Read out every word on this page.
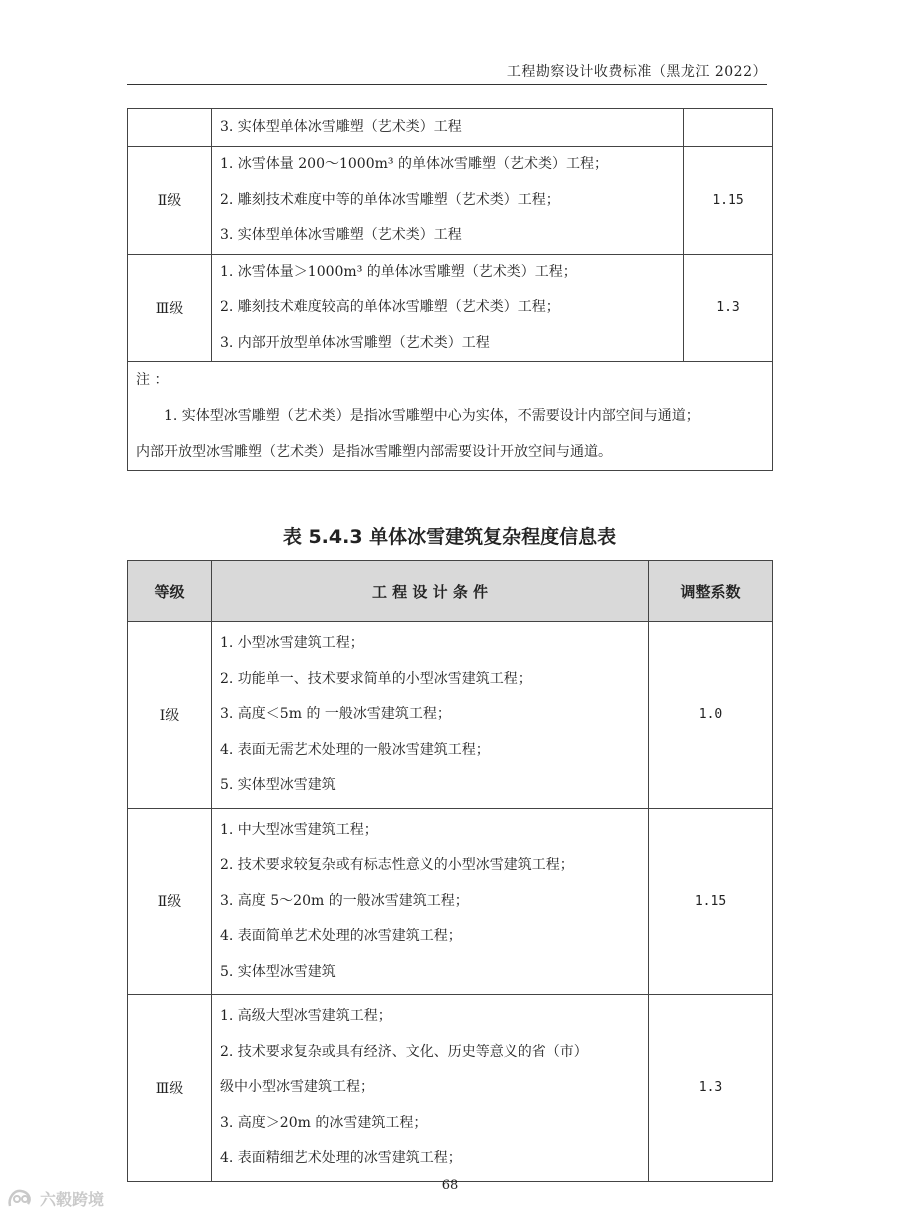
工程勘察设计收费标准（黑龙江 2022）

	3. 实体型单体冰雪雕塑（艺术类）工程	

Ⅱ级	1. 冰雪体量 200～1000m³ 的单体冰雪雕塑（艺术类）工程；
2. 雕刻技术难度中等的单体冰雪雕塑（艺术类）工程；
3. 实体型单体冰雪雕塑（艺术类）工程	1.15
Ⅲ级	1. 冰雪体量＞1000m³ 的单体冰雪雕塑（艺术类）工程；
2. 雕刻技术难度较高的单体冰雪雕塑（艺术类）工程；
3. 内部开放型单体冰雪雕塑（艺术类）工程	1.3

注 ：
1. 实体型冰雪雕塑（艺术类）是指冰雪雕塑中心为实体，不需要设计内部空间与通道；
内部开放型冰雪雕塑（艺术类）是指冰雪雕塑内部需要设计开放空间与通道。		
表 5.4.3 单体冰雪建筑复杂程度信息表
等级	工 程 设 计 条 件	调整系数
Ⅰ级	1. 小型冰雪建筑工程；
2. 功能单一、技术要求简单的小型冰雪建筑工程；
3. 高度＜5m 的 一般冰雪建筑工程；
4. 表面无需艺术处理的一般冰雪建筑工程；
5. 实体型冰雪建筑	1.0
Ⅱ级	1. 中大型冰雪建筑工程；
2. 技术要求较复杂或有标志性意义的小型冰雪建筑工程；
3. 高度 5～20m 的一般冰雪建筑工程；
4. 表面简单艺术处理的冰雪建筑工程；
5. 实体型冰雪建筑	1.15
Ⅲ级	1. 高级大型冰雪建筑工程；
2. 技术要求复杂或具有经济、文化、历史等意义的省（市）
级中小型冰雪建筑工程；
3. 高度＞20m 的冰雪建筑工程；
4. 表面精细艺术处理的冰雪建筑工程；	1.3
68
六毂跨境
